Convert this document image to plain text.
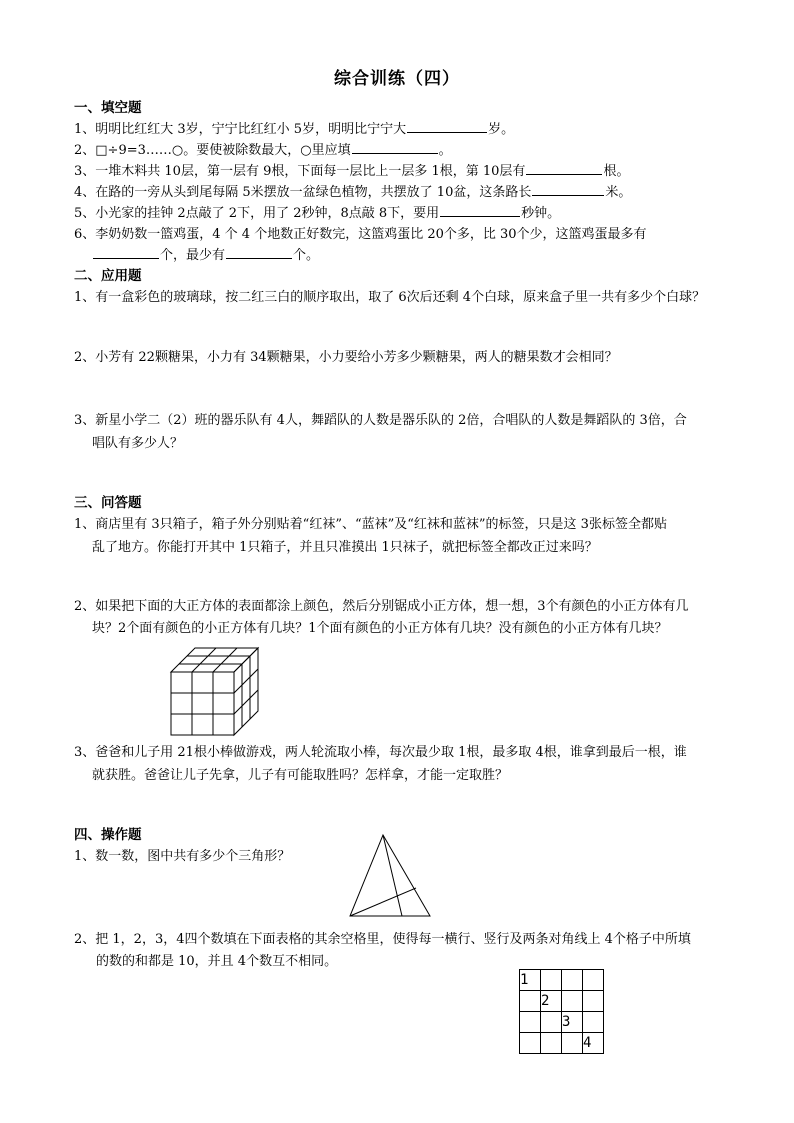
综合训练（四）
一、填空题
1、明明比红红大 3岁，宁宁比红红小 5岁，明明比宁宁大	岁。
2、□÷9=3……○。要使被除数最大，○里应填	。
3、一堆木料共 10层，第一层有 9根，下面每一层比上一层多 1根，第 10层有	根。
4、在路的一旁从头到尾每隔 5米摆放一盆绿色植物，共摆放了 10盆，这条路长	米。
5、小光家的挂钟 2点敲了 2下，用了 2秒钟，8点敲 8下，要用	秒钟。
6、李奶奶数一篮鸡蛋，4 个 4 个地数正好数完，这篮鸡蛋比 20个多，比 30个少，这篮鸡蛋最多有
个，最少有	个。
二、应用题
1、有一盒彩色的玻璃球，按二红三白的顺序取出，取了 6次后还剩 4个白球，原来盒子里一共有多少个白球？
2、小芳有 22颗糖果，小力有 34颗糖果，小力要给小芳多少颗糖果，两人的糖果数才会相同？
3、新星小学二（2）班的器乐队有 4人，舞蹈队的人数是器乐队的 2倍，合唱队的人数是舞蹈队的 3倍，合
唱队有多少人？
三、问答题
1、商店里有 3只箱子，箱子外分别贴着“红袜”、“蓝袜”及“红袜和蓝袜”的标签，只是这 3张标签全都贴
乱了地方。你能打开其中 1只箱子，并且只准摸出 1只袜子，就把标签全都改正过来吗？
2、如果把下面的大正方体的表面都涂上颜色，然后分别锯成小正方体，想一想，3个有颜色的小正方体有几
块？2个面有颜色的小正方体有几块？1个面有颜色的小正方体有几块？没有颜色的小正方体有几块？
3、爸爸和儿子用 21根小棒做游戏，两人轮流取小棒，每次最少取 1根，最多取 4根，谁拿到最后一根，谁
就获胜。爸爸让儿子先拿，儿子有可能取胜吗？怎样拿，才能一定取胜？
四、操作题
1、数一数，图中共有多少个三角形？
2、把 1，2，3，4四个数填在下面表格的其余空格里，使得每一横行、竖行及两条对角线上 4个格子中所填
的数的和都是 10，并且 4个数互不相同。
1			
	2		
		3	
			4
